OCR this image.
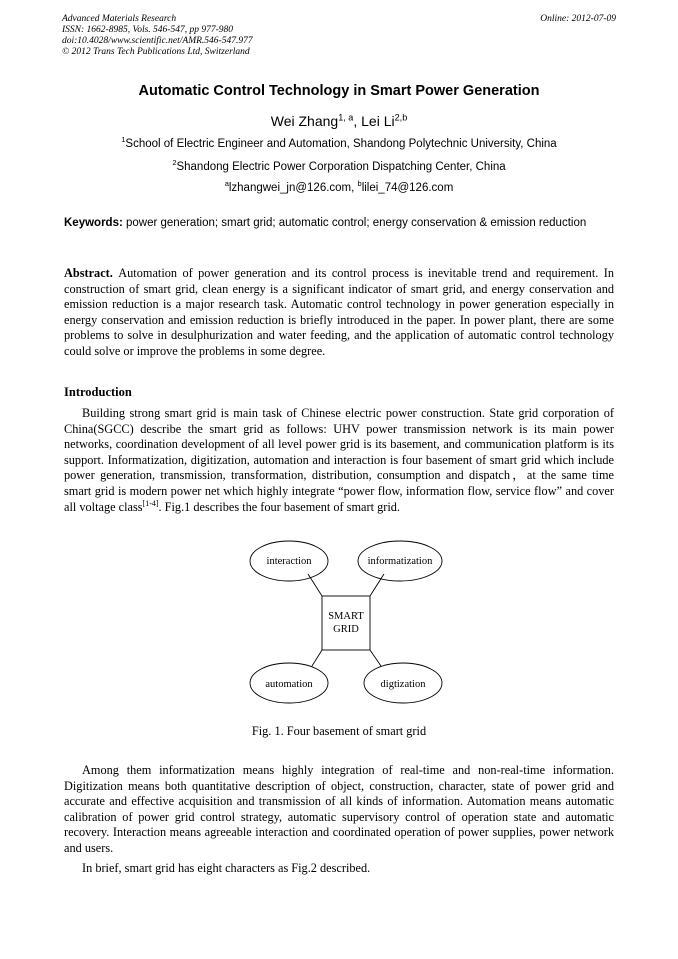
Advanced Materials Research
ISSN: 1662-8985, Vols. 546-547, pp 977-980
doi:10.4028/www.scientific.net/AMR.546-547.977
© 2012 Trans Tech Publications Ltd, Switzerland
Online: 2012-07-09
Automatic Control Technology in Smart Power Generation
Wei Zhang$^{1, a}$, Lei Li$^{2,b}$
$^1$School of Electric Engineer and Automation, Shandong Polytechnic University, China
$^2$Shandong Electric Power Corporation Dispatching Center, China
$^a$lzhangwei_jn@126.com, $^b$lilei_74@126.com
Keywords: power generation; smart grid; automatic control; energy conservation & emission reduction
Abstract. Automation of power generation and its control process is inevitable trend and requirement. In construction of smart grid, clean energy is a significant indicator of smart grid, and energy conservation and emission reduction is a major research task. Automatic control technology in power generation especially in energy conservation and emission reduction is briefly introduced in the paper. In power plant, there are some problems to solve in desulphurization and water feeding, and the application of automatic control technology could solve or improve the problems in some degree.
Introduction
Building strong smart grid is main task of Chinese electric power construction. State grid corporation of China(SGCC) describe the smart grid as follows: UHV power transmission network is its main power networks, coordination development of all level power grid is its basement, and communication platform is its support. Informatization, digitization, automation and interaction is four basement of smart grid which include power generation, transmission, transformation, distribution, consumption and dispatch，at the same time smart grid is modern power net which highly integrate “power flow, information flow, service flow” and cover all voltage class[1-4]. Fig.1 describes the four basement of smart grid.
SMART
GRID
interaction	informatization
automation	digtization
Fig. 1. Four basement of smart grid
Among them informatization means highly integration of real-time and non-real-time information. Digitization means both quantitative description of object, construction, character, state of power grid and accurate and effective acquisition and transmission of all kinds of information. Automation means automatic calibration of power grid control strategy, automatic supervisory control of operation state and automatic recovery. Interaction means agreeable interaction and coordinated operation of power supplies, power network and users.
In brief, smart grid has eight characters as Fig.2 described.
